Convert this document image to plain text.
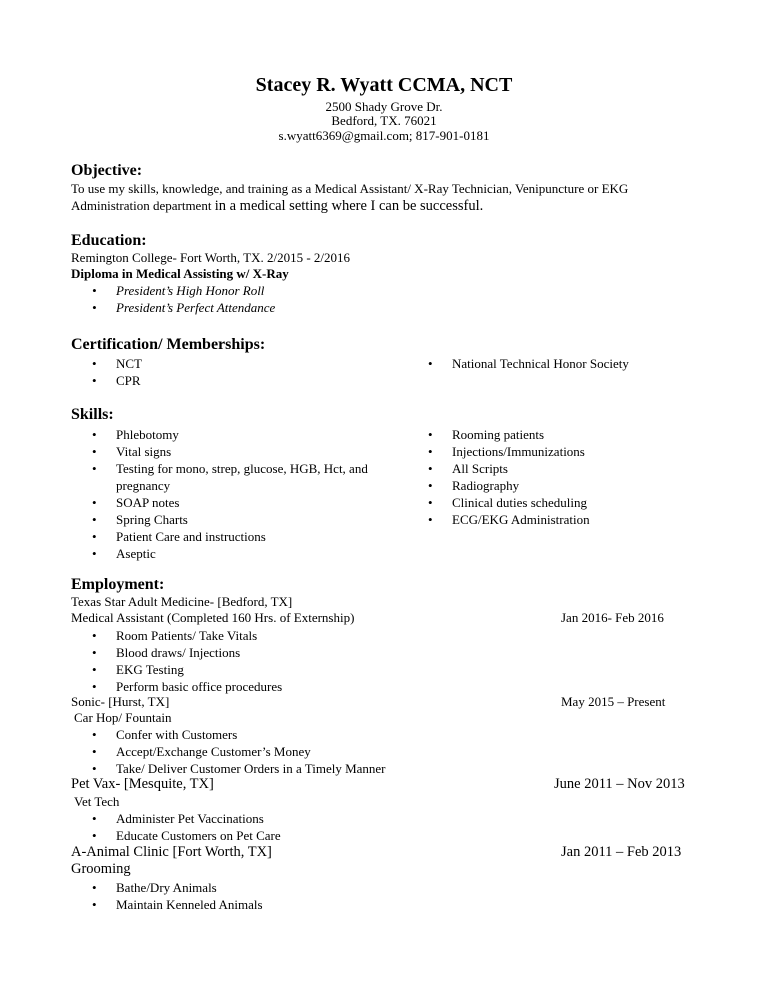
Stacey R. Wyatt CCMA, NCT
2500 Shady Grove Dr.
Bedford, TX. 76021
s.wyatt6369@gmail.com; 817-901-0181
Objective:
To use my skills, knowledge, and training as a Medical Assistant/ X-Ray Technician, Venipuncture or EKG
Administration department in a medical setting where I can be successful.
Education:
Remington College- Fort Worth, TX. 2/2015 - 2/2016
Diploma in Medical Assisting w/ X-Ray
• President’s High Honor Roll
• President’s Perfect Attendance
Certification/ Memberships:
• NCT
• CPR
• National Technical Honor Society
Skills:
• Phlebotomy
• Vital signs
• Testing for mono, strep, glucose, HGB, Hct, and pregnancy
• SOAP notes
• Spring Charts
• Patient Care and instructions
• Aseptic
• Rooming patients
• Injections/Immunizations
• All Scripts
• Radiography
• Clinical duties scheduling
• ECG/EKG Administration
Employment:
Texas Star Adult Medicine- [Bedford, TX]
Medical Assistant (Completed 160 Hrs. of Externship)	Jan 2016- Feb 2016
• Room Patients/ Take Vitals
• Blood draws/ Injections
• EKG Testing
• Perform basic office procedures
Sonic- [Hurst, TX]	May 2015 – Present
Car Hop/ Fountain
• Confer with Customers
• Accept/Exchange Customer’s Money
• Take/ Deliver Customer Orders in a Timely Manner
Pet Vax- [Mesquite, TX]	June 2011 – Nov 2013
Vet Tech
• Administer Pet Vaccinations
• Educate Customers on Pet Care
A-Animal Clinic [Fort Worth, TX]	Jan 2011 – Feb 2013
Grooming
• Bathe/Dry Animals
• Maintain Kenneled Animals
